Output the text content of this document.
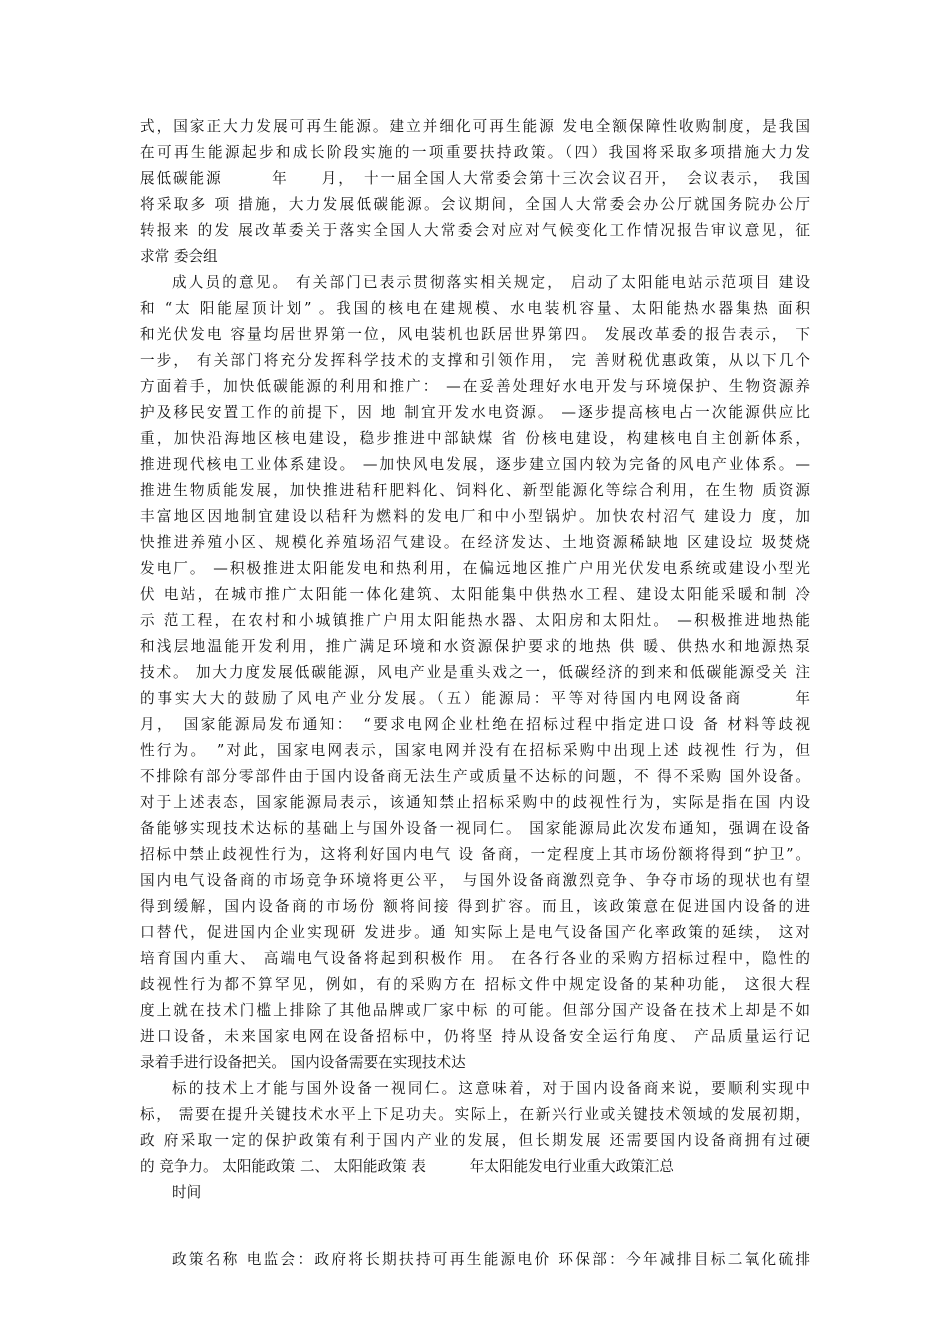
式，国家正大力发展可再生能源。建立并细化可再生能源 发电全额保障性收购制度，是我国
在可再生能源起步和成长阶段实施的一项重要扶持政策。（四）我国将采取多项措施大力发
展低碳能源　　　年　　月，　十一届全国人大常委会第十三次会议召开，　会议表示，　我国
将采取多 项 措施，大力发展低碳能源。会议期间，全国人大常委会办公厅就国务院办公厅
转报来 的发 展改革委关于落实全国人大常委会对应对气候变化工作情况报告审议意见，征
求常 委会组
成人员的意见。 有关部门已表示贯彻落实相关规定， 启动了太阳能电站示范项目 建设
和 “太 阳能屋顶计划” 。我国的核电在建规模、水电装机容量、太阳能热水器集热 面积
和光伏发电 容量均居世界第一位，风电装机也跃居世界第四。 发展改革委的报告表示， 下
一步， 有关部门将充分发挥科学技术的支撑和引领作用， 完 善财税优惠政策，从以下几个
方面着手，加快低碳能源的利用和推广： —在妥善处理好水电开发与环境保护、生物资源养
护及移民安置工作的前提下，因 地 制宜开发水电资源。 —逐步提高核电占一次能源供应比
重，加快沿海地区核电建设，稳步推进中部缺煤 省 份核电建设，构建核电自主创新体系，
推进现代核电工业体系建设。 —加快风电发展，逐步建立国内较为完备的风电产业体系。—
推进生物质能发展，加快推进秸秆肥料化、饲料化、新型能源化等综合利用，在生物 质资源
丰富地区因地制宜建设以秸秆为燃料的发电厂和中小型锅炉。加快农村沼气 建设力 度，加
快推进养殖小区、规模化养殖场沼气建设。在经济发达、土地资源稀缺地 区建设垃 圾焚烧
发电厂。 —积极推进太阳能发电和热利用，在偏远地区推广户用光伏发电系统或建设小型光
伏 电站，在城市推广太阳能一体化建筑、太阳能集中供热水工程、建设太阳能采暖和制 冷
示 范工程，在农村和小城镇推广户用太阳能热水器、太阳房和太阳灶。 —积极推进地热能
和浅层地温能开发利用，推广满足环境和水资源保护要求的地热 供 暖、供热水和地源热泵
技术。 加大力度发展低碳能源，风电产业是重头戏之一，低碳经济的到来和低碳能源受关 注
的事实大大的鼓励了风电产业分发展。（五）能源局：平等对待国内电网设备商　　　年
月，　国家能源局发布通知：　“要求电网企业杜绝在招标过程中指定进口设 备 材料等歧视
性行为。　”对此，国家电网表示，国家电网并没有在招标采购中出现上述 歧视性 行为，但
不排除有部分零部件由于国内设备商无法生产或质量不达标的问题，不 得不采购 国外设备。
对于上述表态，国家能源局表示，该通知禁止招标采购中的歧视性行为，实际是指在国 内设
备能够实现技术达标的基础上与国外设备一视同仁。 国家能源局此次发布通知，强调在设备
招标中禁止歧视性行为，这将利好国内电气 设 备商，一定程度上其市场份额将得到“护卫”。
国内电气设备商的市场竞争环境将更公平， 与国外设备商激烈竞争、争夺市场的现状也有望
得到缓解，国内设备商的市场份 额将间接 得到扩容。而且，该政策意在促进国内设备的进
口替代，促进国内企业实现研 发进步。通 知实际上是电气设备国产化率政策的延续， 这对
培育国内重大、 高端电气设备将起到积极作 用。 在各行各业的采购方招标过程中，隐性的
歧视性行为都不算罕见，例如，有的采购方在 招标文件中规定设备的某种功能， 这很大程
度上就在技术门槛上排除了其他品牌或厂家中标 的可能。但部分国产设备在技术上却是不如
进口设备，未来国家电网在设备招标中，仍将坚 持从设备安全运行角度、 产品质量运行记
录着手进行设备把关。 国内设备需要在实现技术达
标的技术上才能与国外设备一视同仁。这意味着，对于国内设备商来说，要顺利实现中
标， 需要在提升关键技术水平上下足功夫。实际上，在新兴行业或关键技术领域的发展初期，
政 府采取一定的保护政策有利于国内产业的发展，但长期发展 还需要国内设备商拥有过硬
的 竞争力。 太阳能政策 二、 太阳能政策 表　　　年太阳能发电行业重大政策汇总
时间
政策名称 电监会：政府将长期扶持可再生能源电价 环保部：今年减排目标二氧化硫排
